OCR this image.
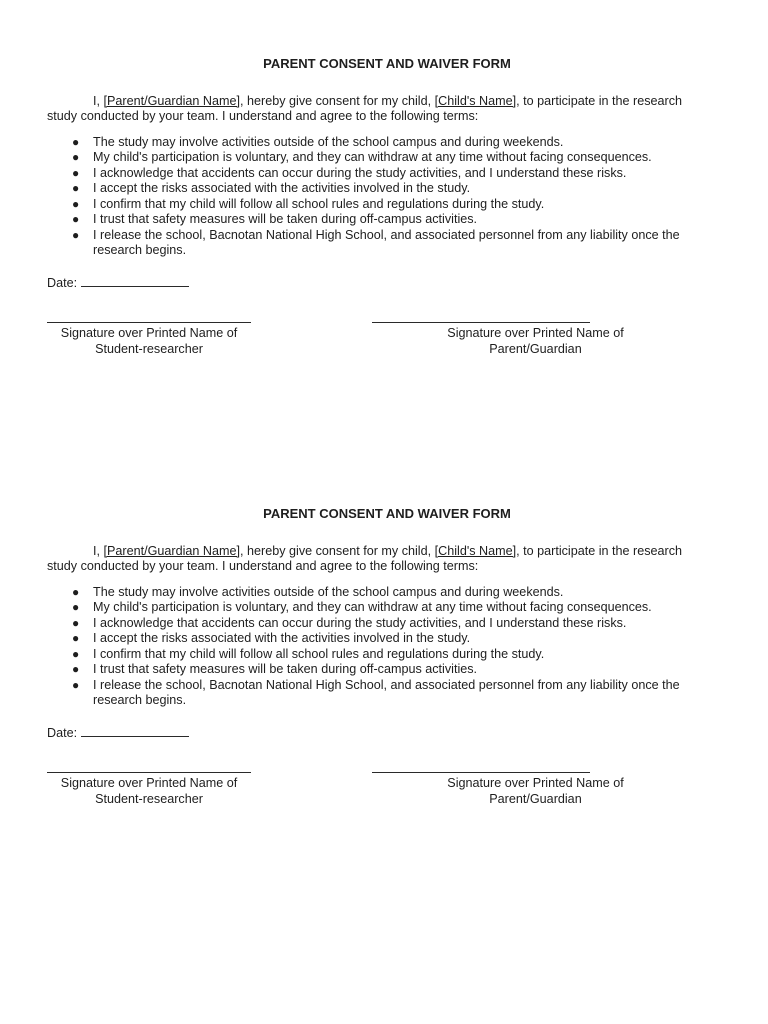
PARENT CONSENT AND WAIVER FORM

I, [Parent/Guardian Name], hereby give consent for my child, [Child's Name], to participate in the research study conducted by your team. I understand and agree to the following terms:

● The study may involve activities outside of the school campus and during weekends.
● My child's participation is voluntary, and they can withdraw at any time without facing consequences.
● I acknowledge that accidents can occur during the study activities, and I understand these risks.
● I accept the risks associated with the activities involved in the study.
● I confirm that my child will follow all school rules and regulations during the study.
● I trust that safety measures will be taken during off-campus activities.
● I release the school, Bacnotan National High School, and associated personnel from any liability once the research begins.
Date:
Signature over Printed Name of
Student-researcher
Signature over Printed Name of
Parent/Guardian
PARENT CONSENT AND WAIVER FORM

I, [Parent/Guardian Name], hereby give consent for my child, [Child's Name], to participate in the research study conducted by your team. I understand and agree to the following terms:

● The study may involve activities outside of the school campus and during weekends.
● My child's participation is voluntary, and they can withdraw at any time without facing consequences.
● I acknowledge that accidents can occur during the study activities, and I understand these risks.
● I accept the risks associated with the activities involved in the study.
● I confirm that my child will follow all school rules and regulations during the study.
● I trust that safety measures will be taken during off-campus activities.
● I release the school, Bacnotan National High School, and associated personnel from any liability once the research begins.
Date:
Signature over Printed Name of
Student-researcher
Signature over Printed Name of
Parent/Guardian
